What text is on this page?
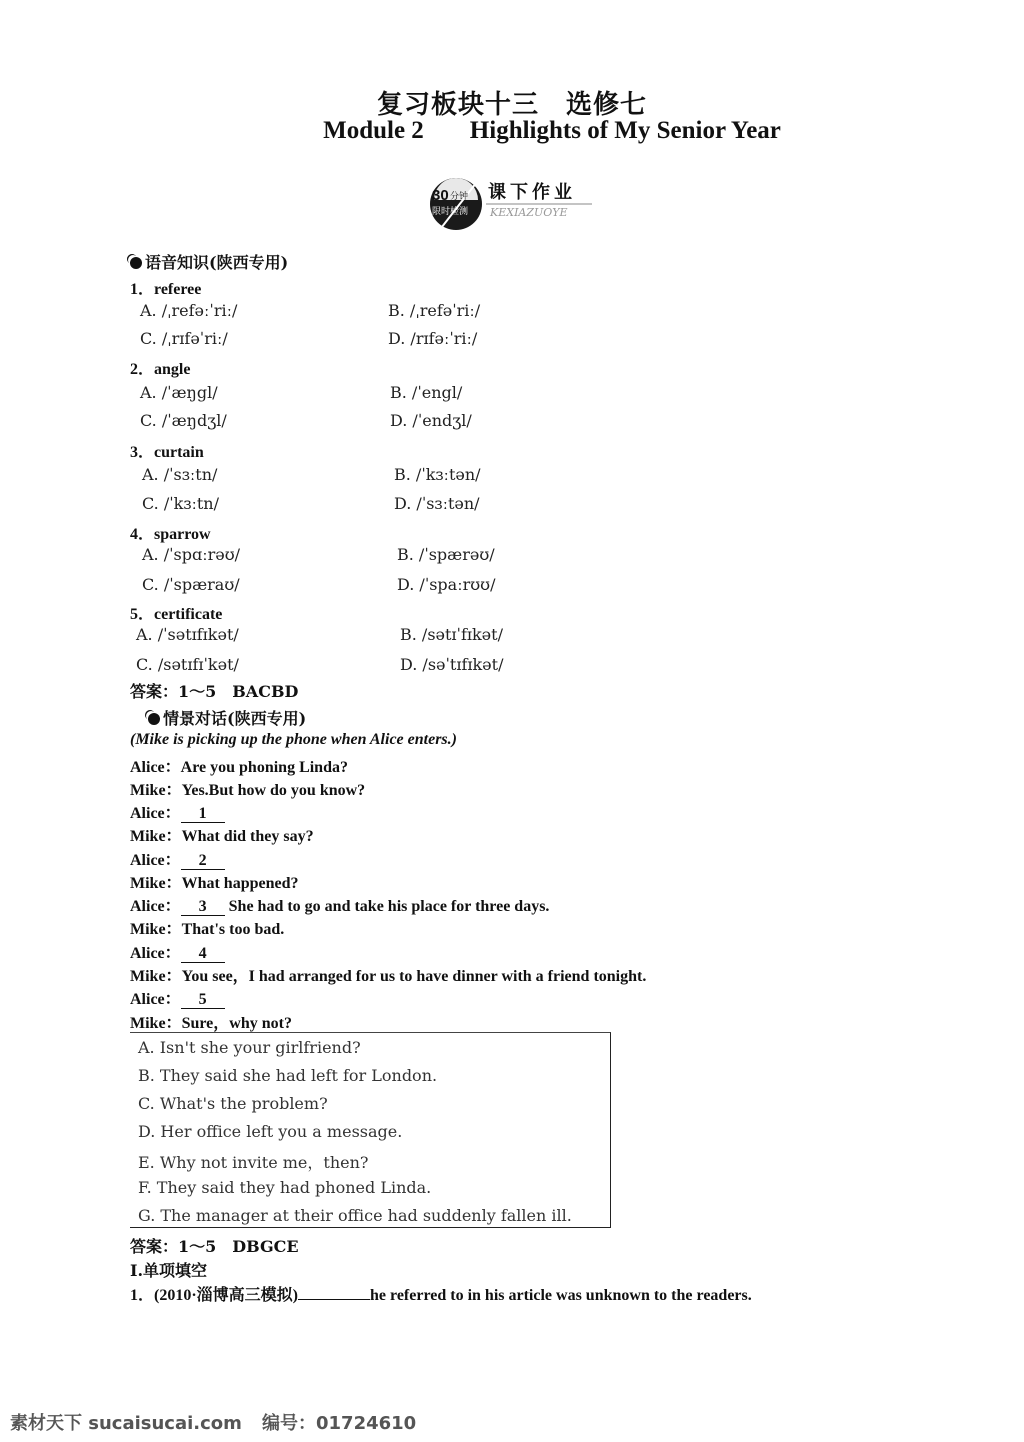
复习板块十三　选修七
Module 2 Highlights of My Senior Year
30 分钟
限时检测
课下作业
KEXIAZUOYE
语音知识(陕西专用)
1．referee
A. /ˌrefəːˈriː/	B. /ˌrefəˈriː/
C. /ˌrɪfəˈriː/	D. /rɪfəːˈriː/
2．angle
A. /ˈæŋgl/	B. /ˈengl/
C. /ˈæŋdʒl/	D. /ˈendʒl/
3．curtain
A. /ˈsɜːtn/	B. /ˈkɜːtən/
C. /ˈkɜːtn/	D. /ˈsɜːtən/
4．sparrow
A. /ˈspɑːrəʊ/	B. /ˈspærəʊ/
C. /ˈspæraʊ/	D. /ˈspaːrʊʊ/
5．certificate
A. /ˈsətɪfɪkət/	B. /sətɪˈfɪkət/
C. /sətɪfɪˈkət/	D. /səˈtɪfɪkət/
答案：1～5　BACBD
情景对话(陕西专用)
(Mike is picking up the phone when Alice enters.)
Alice：Are you phoning Linda?
Mike：Yes.But how do you know?
Alice： 1
Mike：What did they say?
Alice： 2
Mike：What happened?
Alice： 3 She had to go and take his place for three days.
Mike：That's too bad.
Alice： 4
Mike：You see，I had arranged for us to have dinner with a friend tonight.
Alice： 5
Mike：Sure，why not?
A. Isn't she your girlfriend?
B. They said she had left for London.
C. What's the problem?
D. Her office left you a message.
E. Why not invite me，then?
F. They said they had phoned Linda.
G. The manager at their office had suddenly fallen ill.
答案：1～5　DBGCE
Ⅰ.单项填空
1．(2010·淄博高三模拟)	he referred to in his article was unknown to the readers.
素材天下 sucaisucai.com 编号：01724610
